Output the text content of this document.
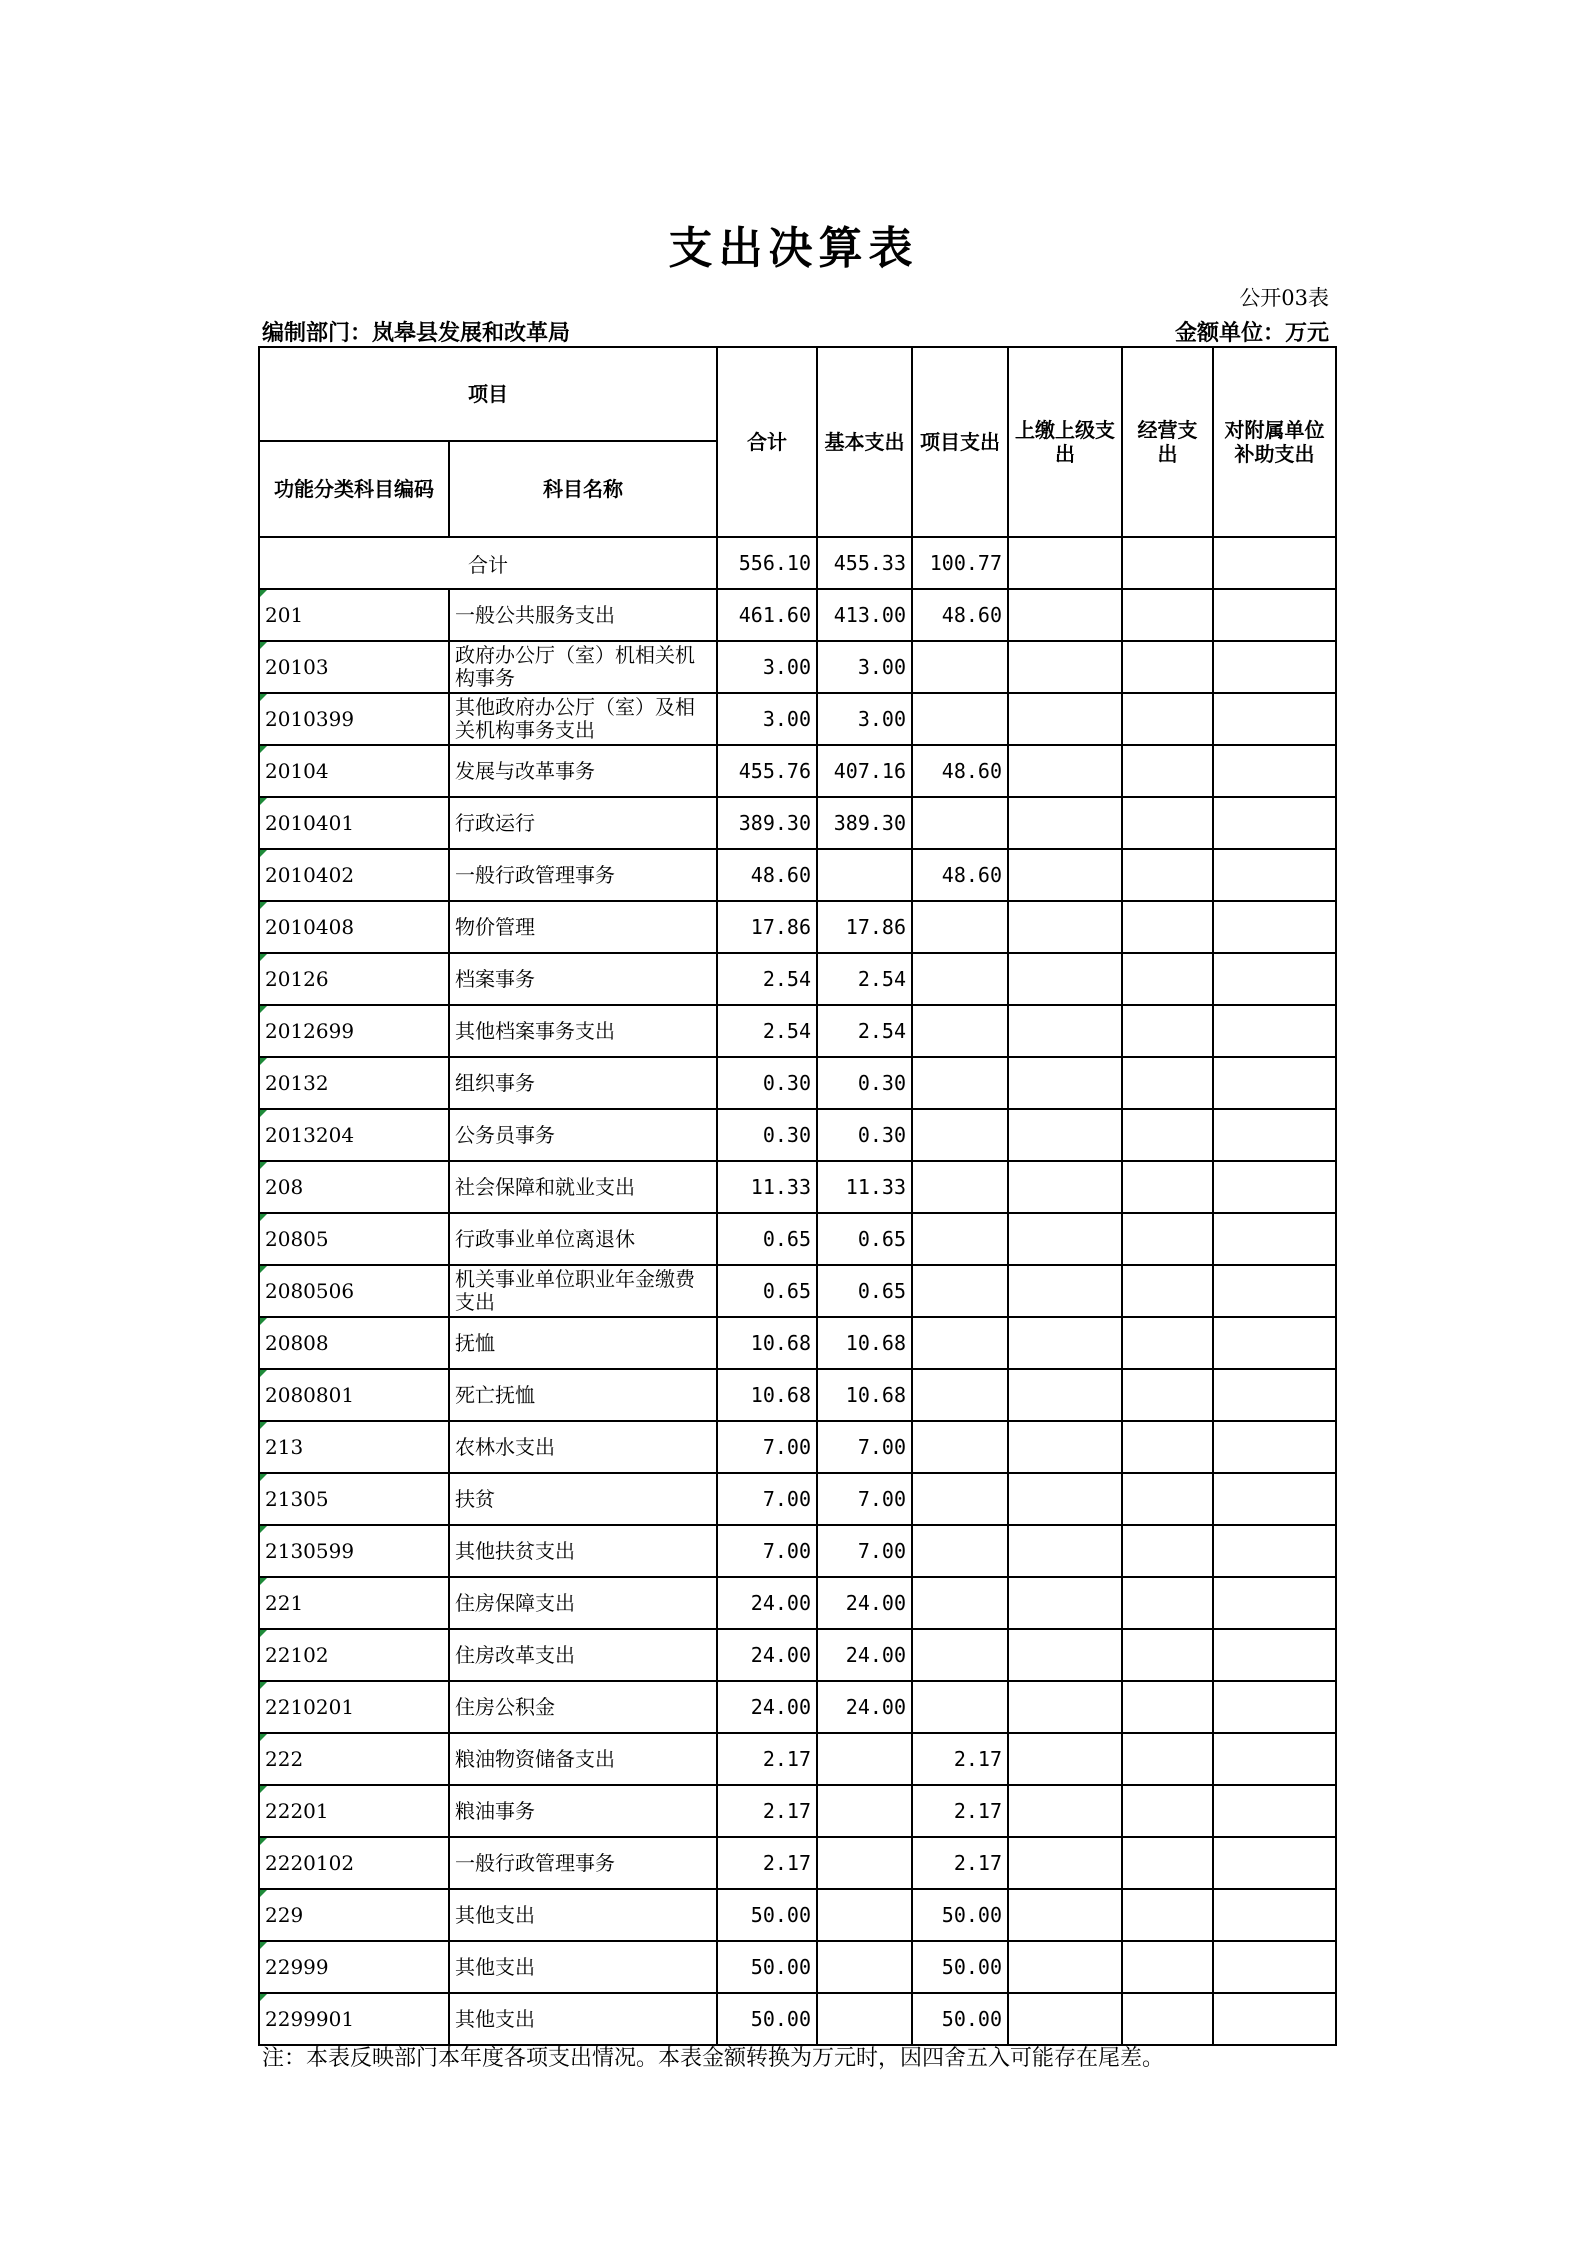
支出决算表
公开03表
编制部门：岚皋县发展和改革局	金额单位：万元
项目		合计	基本支出	项目支出	上缴上级支出	经营支出	对附属单位补助支出
功能分类科目编码	科目名称						
合计		556.10	455.33	100.77			
201	一般公共服务支出	461.60	413.00	48.60			
20103	政府办公厅（室）机相关机构事务	3.00	3.00				
2010399	其他政府办公厅（室）及相关机构事务支出	3.00	3.00				
20104	发展与改革事务	455.76	407.16	48.60			
2010401	行政运行	389.30	389.30				
2010402	一般行政管理事务	48.60		48.60			
2010408	物价管理	17.86	17.86				
20126	档案事务	2.54	2.54				
2012699	其他档案事务支出	2.54	2.54				
20132	组织事务	0.30	0.30				
2013204	公务员事务	0.30	0.30				
208	社会保障和就业支出	11.33	11.33				
20805	行政事业单位离退休	0.65	0.65				
2080506	机关事业单位职业年金缴费支出	0.65	0.65				
20808	抚恤	10.68	10.68				
2080801	死亡抚恤	10.68	10.68				
213	农林水支出	7.00	7.00				
21305	扶贫	7.00	7.00				
2130599	其他扶贫支出	7.00	7.00				
221	住房保障支出	24.00	24.00				
22102	住房改革支出	24.00	24.00				
2210201	住房公积金	24.00	24.00				
222	粮油物资储备支出	2.17		2.17			
22201	粮油事务	2.17		2.17			
2220102	一般行政管理事务	2.17		2.17			
229	其他支出	50.00		50.00			
22999	其他支出	50.00		50.00			
2299901	其他支出	50.00		50.00			
注：本表反映部门本年度各项支出情况。本表金额转换为万元时，因四舍五入可能存在尾差。
